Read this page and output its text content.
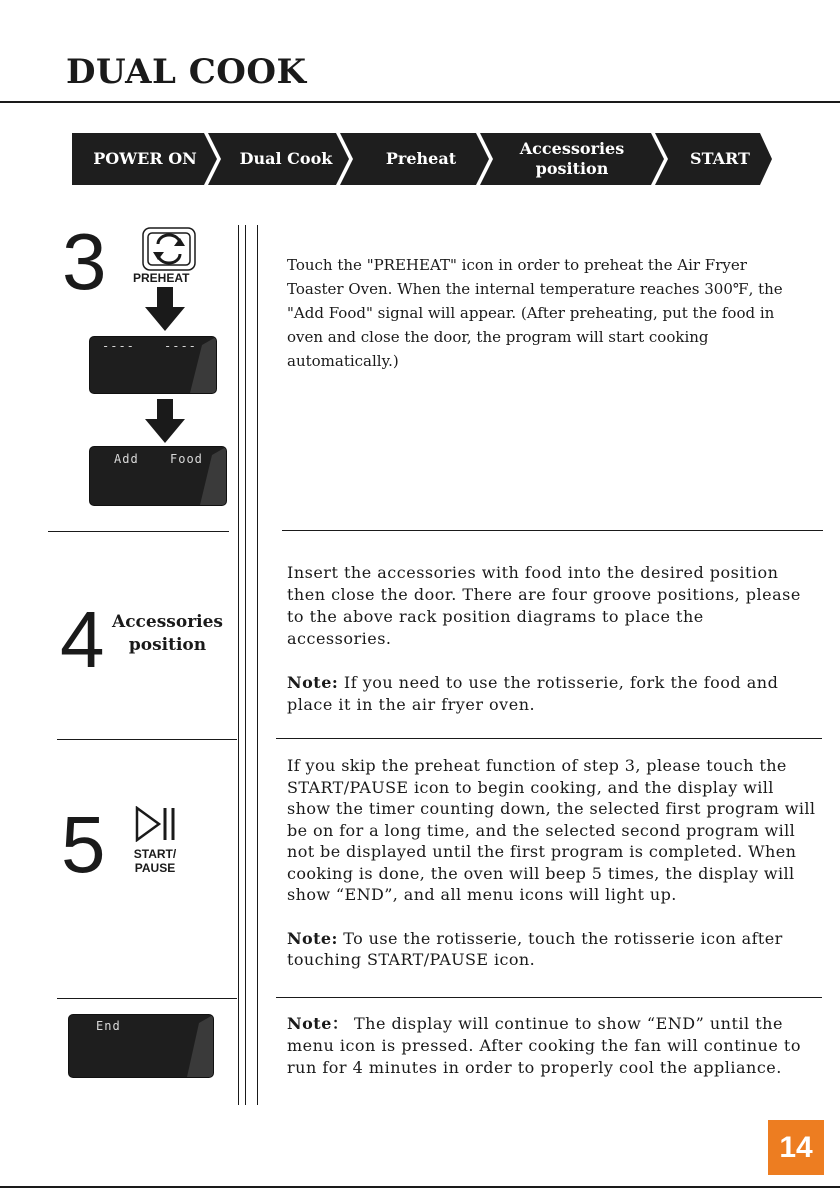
DUAL COOK
POWER ON	Dual Cook	Preheat
Accessories
position
START
3 PREHEAT
---- ----
Add	Food

Touch the "PREHEAT" icon in order to preheat the Air Fryer Toaster Oven. When the internal temperature reaches 300℉, the "Add Food" signal will appear. (After preheating, put the food in oven and close the door, the program will start cooking automatically.)

4 Accessories
position

Insert the accessories with food into the desired position then close the door. There are four groove positions, please to the above rack position diagrams to place the accessories.

Note: If you need to use the rotisserie, fork the food and place it in the air fryer oven.

5	START/
PAUSE

If you skip the preheat function of step 3, please touch the START/PAUSE icon to begin cooking, and the display will show the timer counting down, the selected first program will be on for a long time, and the selected second program will not be displayed until the first program is completed. When cooking is done, the oven will beep 5 times, the display will show “END”, and all menu icons will light up.

Note: To use the rotisserie, touch the rotisserie icon after touching START/PAUSE icon.

End	Note： The display will continue to show “END” until the menu icon is pressed. After cooking the fan will continue to run for 4 minutes in order to properly cool the appliance.

14
